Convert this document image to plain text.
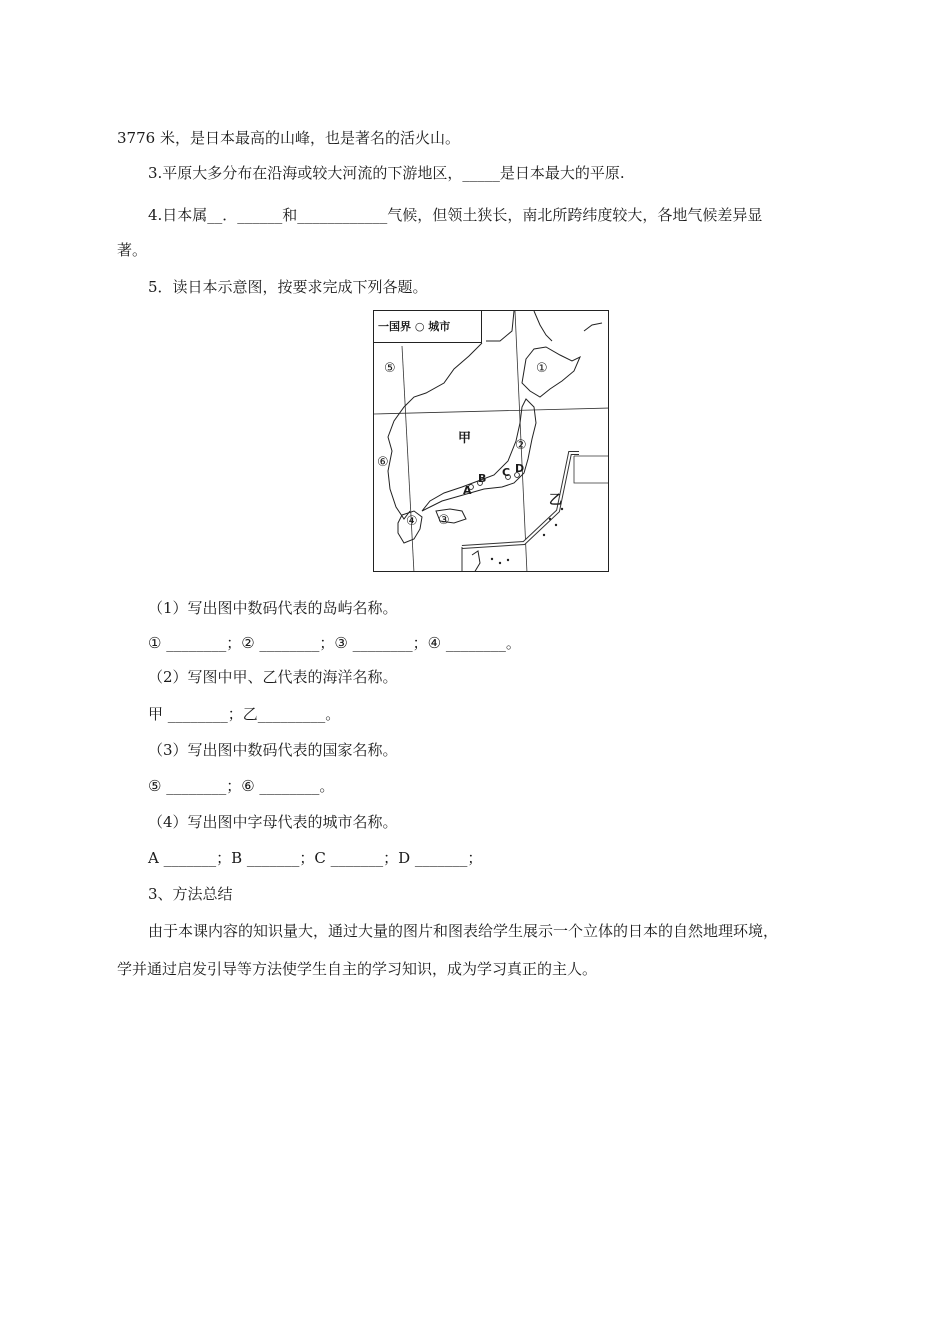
3776 米，是日本最高的山峰，也是著名的活火山。
3.平原大多分布在沿海或较大河流的下游地区，_____是日本最大的平原.
4.日本属__．______和____________气候，但领土狭长，南北所跨纬度较大，各地气候差异显
著。
5．读日本示意图，按要求完成下列各题。
一国界 ○ 城市
①
②
③
④
⑤
⑥
甲
乙
A
B C D
（1）写出图中数码代表的岛屿名称。
① ________；② ________；③ ________；④ ________。
（2）写图中甲、乙代表的海洋名称。
甲 ________；乙_________。
（3）写出图中数码代表的国家名称。
⑤ ________；⑥ ________。
（4）写出图中字母代表的城市名称。
A _______；B _______；C _______；D _______；
3、方法总结
由于本课内容的知识量大，通过大量的图片和图表给学生展示一个立体的日本的自然地理环境，
学并通过启发引导等方法使学生自主的学习知识，成为学习真正的主人。
